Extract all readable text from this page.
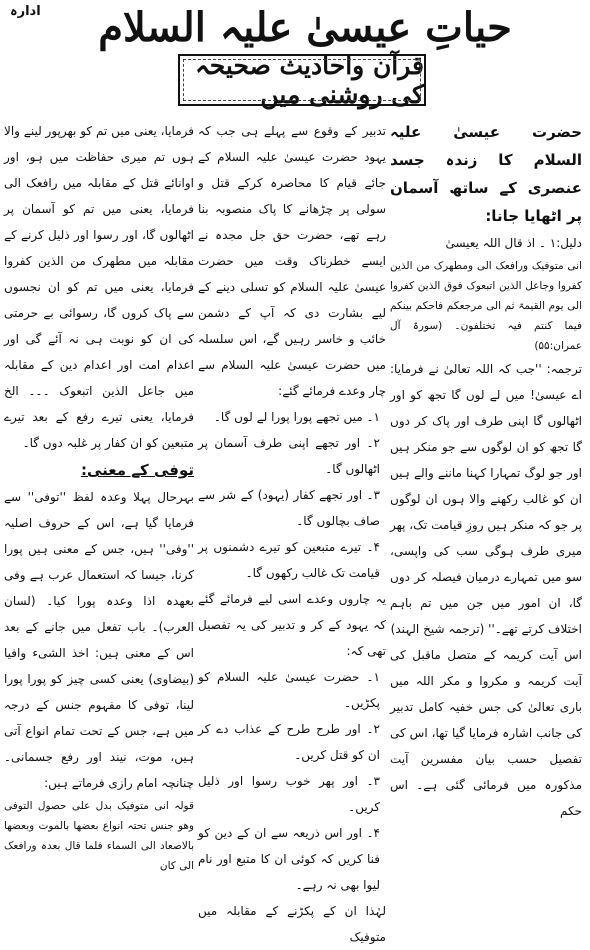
ادارہ حیاتِ عیسیٰ علیہ السلام
قرآن واحادیث صحیحہ کی روشنی میں

حضرت عیسیٰ علیہ السلام کا زندہ جسد عنصری کے ساتھ آسمان پر اٹھایا جانا:

دلیل:۱ ۔ اذ قال اللہ یعیسیٰ

انی متوفیک ورافعک الی ومطھرک من الذین کفروا وجاعل الذین اتبعوک فوق الذین کفروا الی یوم القیمۃ ثم الی مرجعکم فاحکم بینکم فیما کنتم فیہ تختلفون۔ (سورۃ آل عمران:۵۵)

ترجمہ: ''جب کہ اللہ تعالیٰ نے فرمایا: اے عیسیٰ! میں لے لوں گا تجھ کو اور اٹھالوں گا اپنی طرف اور پاک کر دوں گا تجھ کو ان لوگوں سے جو منکر ہیں اور جو لوگ تمہارا کہنا ماننے والے ہیں ان کو غالب رکھنے والا ہوں ان لوگوں پر جو کہ منکر ہیں روزِ قیامت تک، پھر میری طرف ہوگی سب کی واپسی، سو میں تمہارے درمیان فیصلہ کر دوں گا، ان امور میں جن میں تم باہم اختلاف کرتے تھے۔'' (ترجمہ شیخ الہند)

اس آیت کریمہ کے متصل ماقبل کی آیت کریمہ و مکروا و مکر اللہ میں باری تعالیٰ کی جس خفیہ کامل تدبیر کی جانب اشارہ فرمایا گیا تھا، اس کی تفصیل حسب بیان مفسرین آیت مذکورہ میں فرمائی گئی ہے۔ اس حکم

تدبیر کے وقوع سے پہلے ہی جب کہ یہود حضرت عیسیٰ علیہ السلام کے جائے قیام کا محاصرہ کرکے قتل و سولی پر چڑھانے کا پاک منصوبہ بنا رہے تھے، حضرت حق جل مجدہ نے ایسے خطرناک وقت میں حضرت عیسیٰ علیہ السلام کو تسلی دینے کے لیے بشارت دی کہ آپ کے دشمن خائب و خاسر رہیں گے، اس سلسلہ میں حضرت عیسیٰ علیہ السلام سے چار وعدے فرمائے گئے:

۱۔ میں تجھے پورا پورا لے لوں گا۔

۲۔ اور تجھے اپنی طرف آسمان پر اٹھالوں گا۔

۳۔ اور تجھے کفار (یہود) کے شر سے صاف بچالوں گا۔

۴۔ تیرے متبعین کو تیرے دشمنوں پر قیامت تک غالب رکھوں گا۔

یہ چاروں وعدے اسی لیے فرمائے گئے کہ یہود کے کر و تدبیر کی یہ تفصیل تھی کہ:

۱۔ حضرت عیسیٰ علیہ السلام کو پکڑیں۔

۲۔ اور طرح طرح کے عذاب دے کر ان کو قتل کریں۔

۳۔ اور پھر خوب رسوا اور ذلیل کریں۔

۴۔ اور اس ذریعہ سے ان کے دین کو فنا کریں کہ کوئی ان کا متبع اور نام لیوا بھی نہ رہے۔

لہٰذا ان کے پکڑنے کے مقابلہ میں متوفیک

فرمایا، یعنی میں تم کو بھرپور لینے والا ہوں تم میری حفاظت میں ہو، اور اوانائے قتل کے مقابلہ میں رافعک الی فرمایا، یعنی میں تم کو آسمان پر اٹھالوں گا، اور رسوا اور ذلیل کرنے کے مقابلہ میں مطھرک من الذین کفروا فرمایا، یعنی میں تم کو ان نجسوں سے پاک کروں گا، رسوائی بے حرمتی کی ان کو نوبت ہی نہ آئے گی اور اعدام امت اور اعدام دین کے مقابلہ میں جاعل الذین اتبعوک ۔۔۔ الخ فرمایا، یعنی تیرے رفع کے بعد تیرے متبعین کو ان کفار پر غلبہ دوں گا۔

توفی کے معنی:

بہرحال پہلا وعدہ لفظ ''توفی'' سے فرمایا گیا ہے، اس کے حروف اصلیہ ''وفی'' ہیں، جس کے معنی ہیں پورا کرنا، جیسا کہ استعمال عرب ہے وفی بعھدہ اذا وعدہ پورا کیا۔ (لسان العرب)۔ باب تفعل میں جانے کے بعد اس کے معنی ہیں: اخذ الشیء وافیا (بیضاوی) یعنی کسی چیز کو پورا پورا لینا، توفی کا مفہوم جنس کے درجہ میں ہے، جس کے تحت تمام انواع آتی ہیں، موت، نیند اور رفع جسمانی۔ چنانچہ امام رازی فرماتے ہیں:

قولہ انی متوفیک بدل علی حصول التوفی وھو جنس تحتہ انواع بعضھا بالموت وبعضھا بالاصعاد الی السماء فلما قال بعدہ ورافعک الی کان
